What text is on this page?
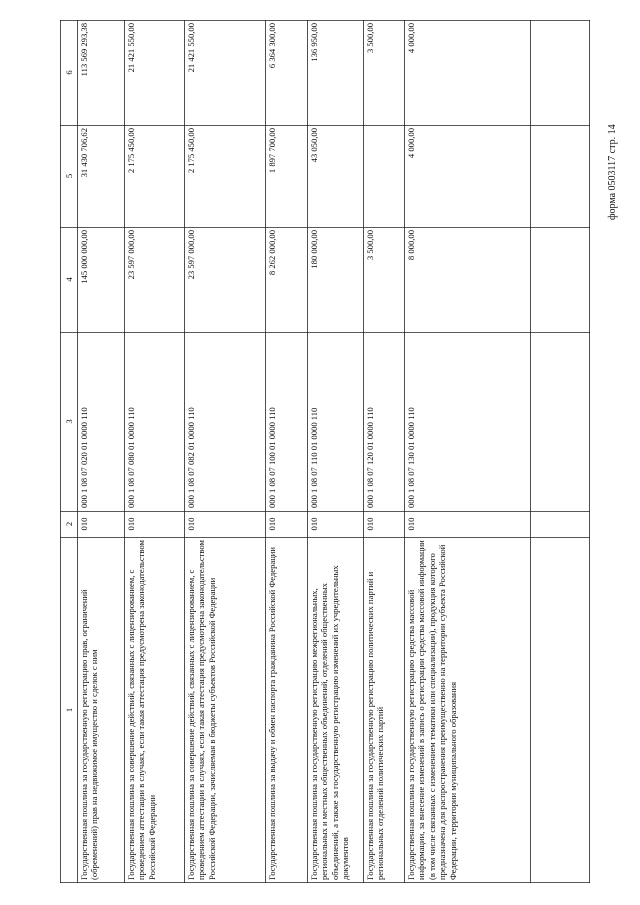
форма 0503117 стр. 14
1
2
3
4
5
6
Государственная пошлина за государственную регистрацию прав, ограничений (обременений) прав на недвижимое имущество и сделок с ним
010
000 1 08 07 020 01 0000 110
145 000 000,00
31 430 706,62
113 569 293,38
Государственная пошлина за совершение действий, связанных с лицензированием, с проведением аттестации в случаях, если такая аттестация предусмотрена законодательством Российской Федерации
010
000 1 08 07 080 01 0000 110
23 597 000,00
2 175 450,00
21 421 550,00
Государственная пошлина за совершение действий, связанных с лицензированием, с проведением аттестации в случаях, если такая аттестация предусмотрена законодательством Российской Федерации, зачисляемая в бюджеты субъектов Российской Федерации
010
000 1 08 07 082 01 0000 110
23 597 000,00
2 175 450,00
21 421 550,00
Государственная пошлина за выдачу и обмен паспорта гражданина Российской Федерации
010
000 1 08 07 100 01 0000 110
8 262 000,00
1 897 700,00
6 364 300,00
Государственная пошлина за государственную регистрацию межрегиональных, региональных и местных общественных объединений, отделений общественных объединений, а также за государственную регистрацию изменений их учредительных документов
010
000 1 08 07 110 01 0000 110
180 000,00
43 050,00
136 950,00
Государственная пошлина за государственную регистрацию политических партий и региональных отделений политических партий
010
000 1 08 07 120 01 0000 110
3 500,00
3 500,00
Государственная пошлина за государственную регистрацию средства массовой информации, за внесение изменений в запись о регистрации средства массовой информации (в том числе связанных с изменением тематики или специализации), продукция которого предназначена для распространения преимущественно на территории субъекта Российской Федерации, территории муниципального образования
010
000 1 08 07 130 01 0000 110
8 000,00
4 000,00
4 000,00
